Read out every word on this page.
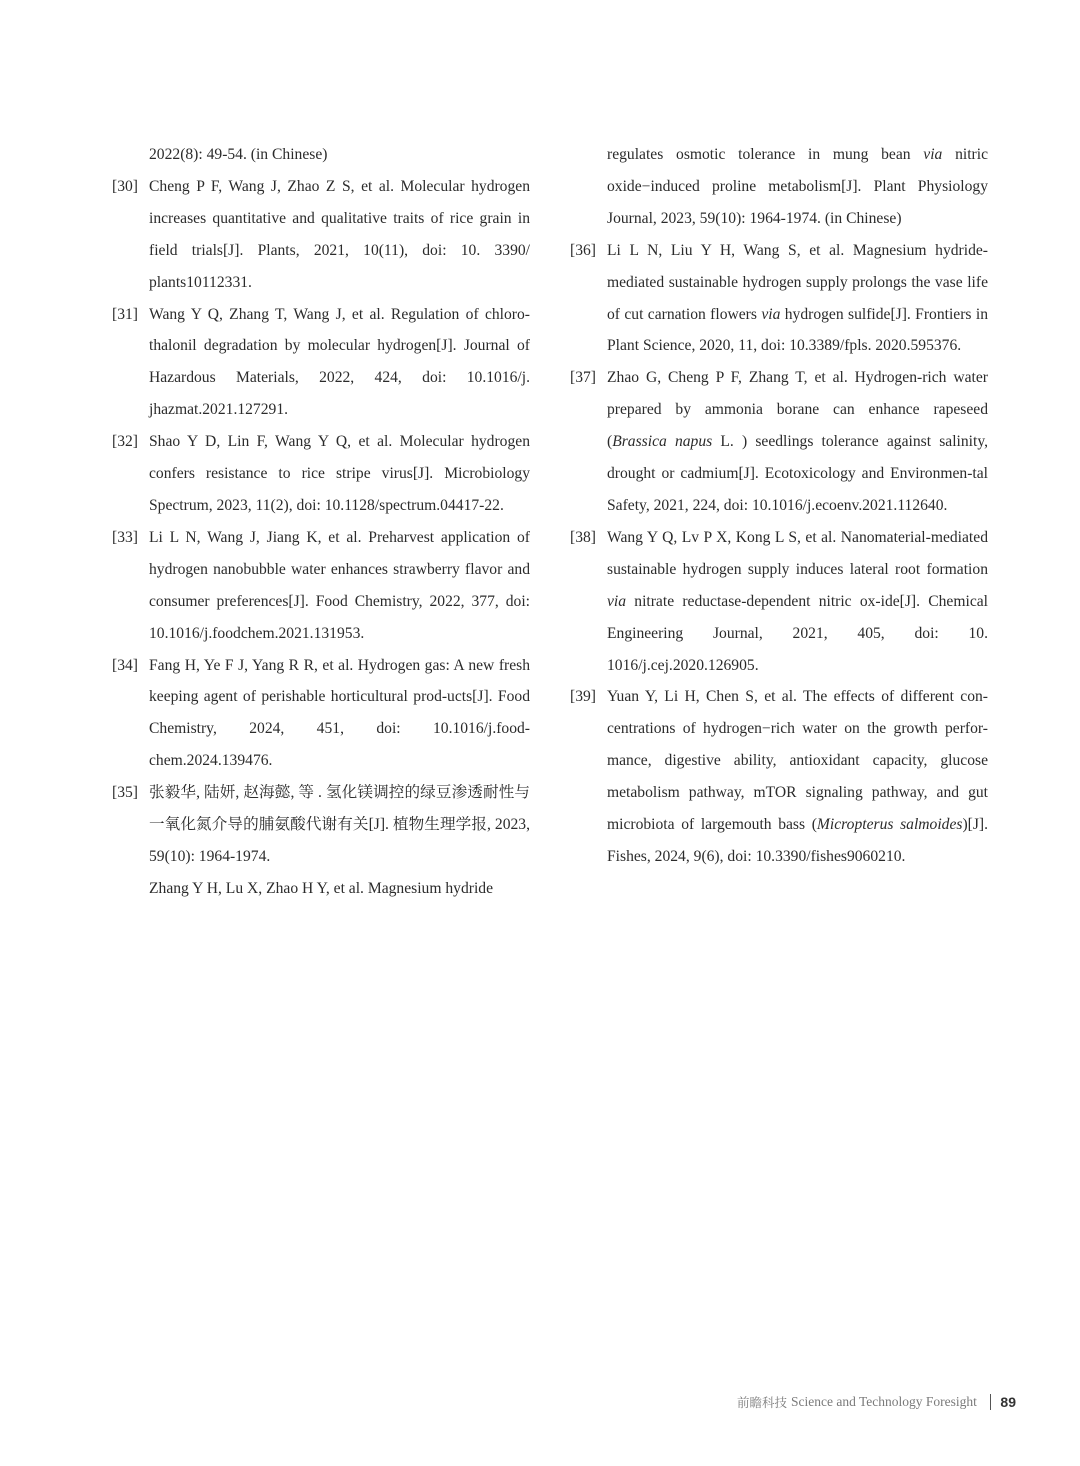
2022(8): 49-54. (in Chinese)
[30] Cheng P F, Wang J, Zhao Z S, et al. Molecular hydrogen increases quantitative and qualitative traits of rice grain in field trials[J]. Plants, 2021, 10(11), doi: 10. 3390/ plants10112331.
[31] Wang Y Q, Zhang T, Wang J, et al. Regulation of chloro-thalonil degradation by molecular hydrogen[J]. Journal of Hazardous Materials, 2022, 424, doi: 10.1016/j. jhazmat.2021.127291.
[32] Shao Y D, Lin F, Wang Y Q, et al. Molecular hydrogen confers resistance to rice stripe virus[J]. Microbiology Spectrum, 2023, 11(2), doi: 10.1128/spectrum.04417-22.
[33] Li L N, Wang J, Jiang K, et al. Preharvest application of hydrogen nanobubble water enhances strawberry flavor and consumer preferences[J]. Food Chemistry, 2022, 377, doi: 10.1016/j.foodchem.2021.131953.
[34] Fang H, Ye F J, Yang R R, et al. Hydrogen gas: A new fresh keeping agent of perishable horticultural prod-ucts[J]. Food Chemistry, 2024, 451, doi: 10.1016/j.food-chem.2024.139476.
[35] 张毅华, 陆妍, 赵海懿, 等 . 氢化镁调控的绿豆渗透耐性与一氧化氮介导的脯氨酸代谢有关[J]. 植物生理学报, 2023, 59(10): 1964-1974.
Zhang Y H, Lu X, Zhao H Y, et al. Magnesium hydride
regulates osmotic tolerance in mung bean via nitric oxide−induced proline metabolism[J]. Plant Physiology Journal, 2023, 59(10): 1964-1974. (in Chinese)
[36] Li L N, Liu Y H, Wang S, et al. Magnesium hydride-mediated sustainable hydrogen supply prolongs the vase life of cut carnation flowers via hydrogen sulfide[J]. Frontiers in Plant Science, 2020, 11, doi: 10.3389/fpls. 2020.595376.
[37] Zhao G, Cheng P F, Zhang T, et al. Hydrogen-rich water prepared by ammonia borane can enhance rapeseed (Brassica napus L. ) seedlings tolerance against salinity, drought or cadmium[J]. Ecotoxicology and Environmen-tal Safety, 2021, 224, doi: 10.1016/j.ecoenv.2021.112640.
[38] Wang Y Q, Lv P X, Kong L S, et al. Nanomaterial-mediated sustainable hydrogen supply induces lateral root formation via nitrate reductase-dependent nitric ox-ide[J]. Chemical Engineering Journal, 2021, 405, doi: 10. 1016/j.cej.2020.126905.
[39] Yuan Y, Li H, Chen S, et al. The effects of different con-centrations of hydrogen−rich water on the growth perfor-mance, digestive ability, antioxidant capacity, glucose metabolism pathway, mTOR signaling pathway, and gut microbiota of largemouth bass (Micropterus salmoides)[J]. Fishes, 2024, 9(6), doi: 10.3390/fishes9060210.
前瞻科技 Science and Technology Foresight 89
